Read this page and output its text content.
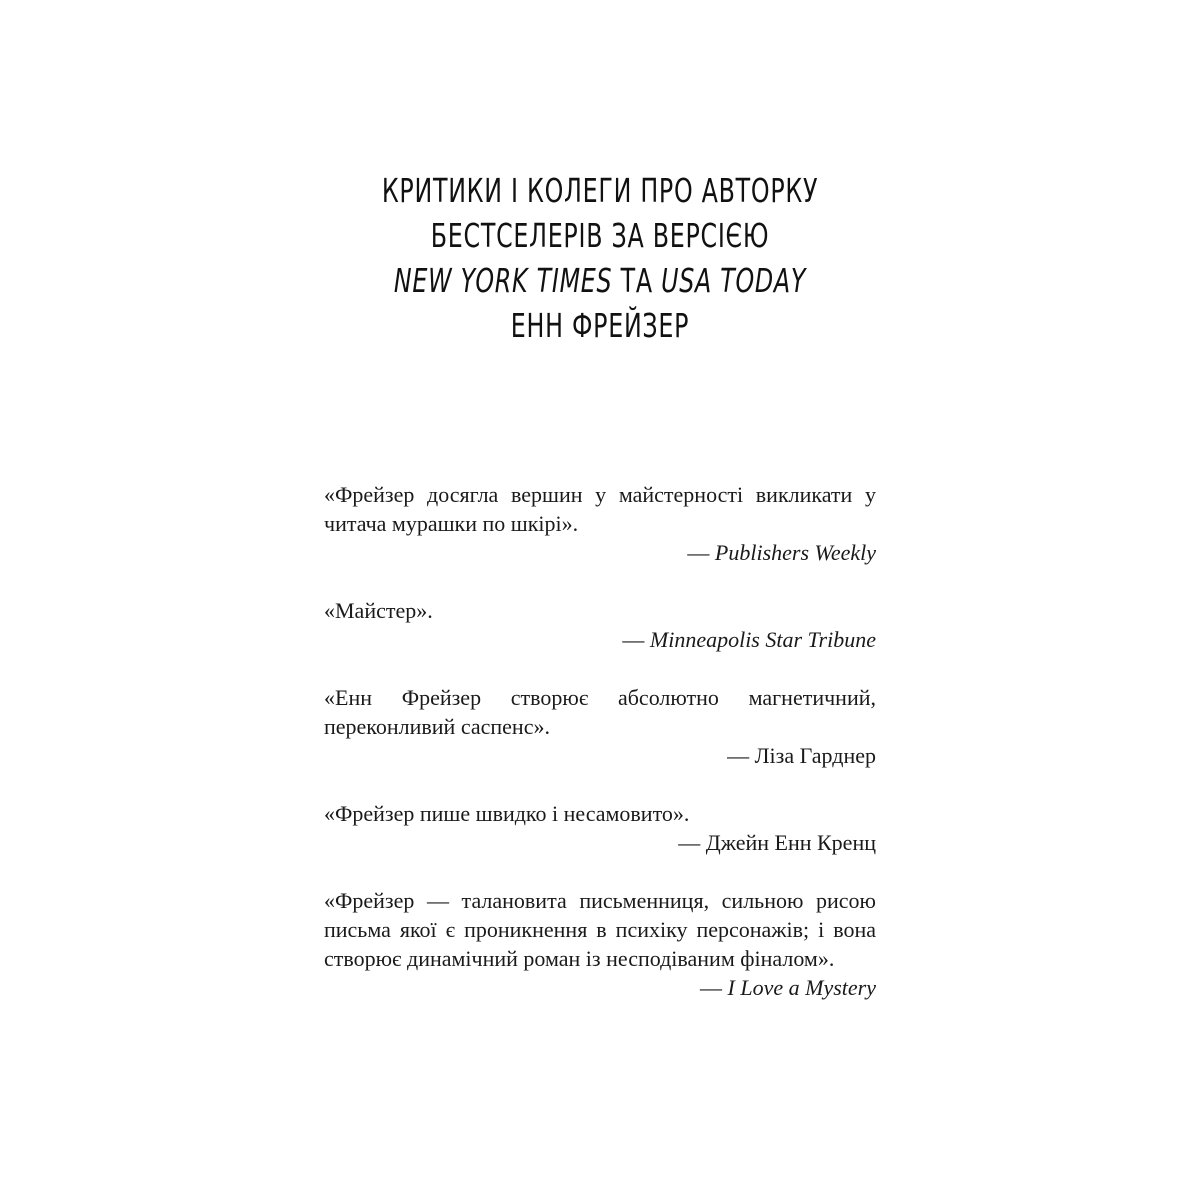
КРИТИКИ І КОЛЕГИ ПРО АВТОРКУ
БЕСТСЕЛЕРІВ ЗА ВЕРСІЄЮ
NEW YORK TIMES ТА USA TODAY
ЕНН ФРЕЙЗЕР
«Фрейзер досягла вершин у майстерності викликати у читача мурашки по шкірі».
— Publishers Weekly
«Майстер».
— Minneapolis Star Tribune
«Енн Фрейзер створює абсолютно магнетичний, переконливий саспенс».
— Ліза Гарднер
«Фрейзер пише швидко і несамовито».
— Джейн Енн Кренц
«Фрейзер — талановита письменниця, сильною рисою письма якої є проникнення в психіку персонажів; і вона створює динамічний роман із несподіваним фіналом».
— I Love a Mystery
